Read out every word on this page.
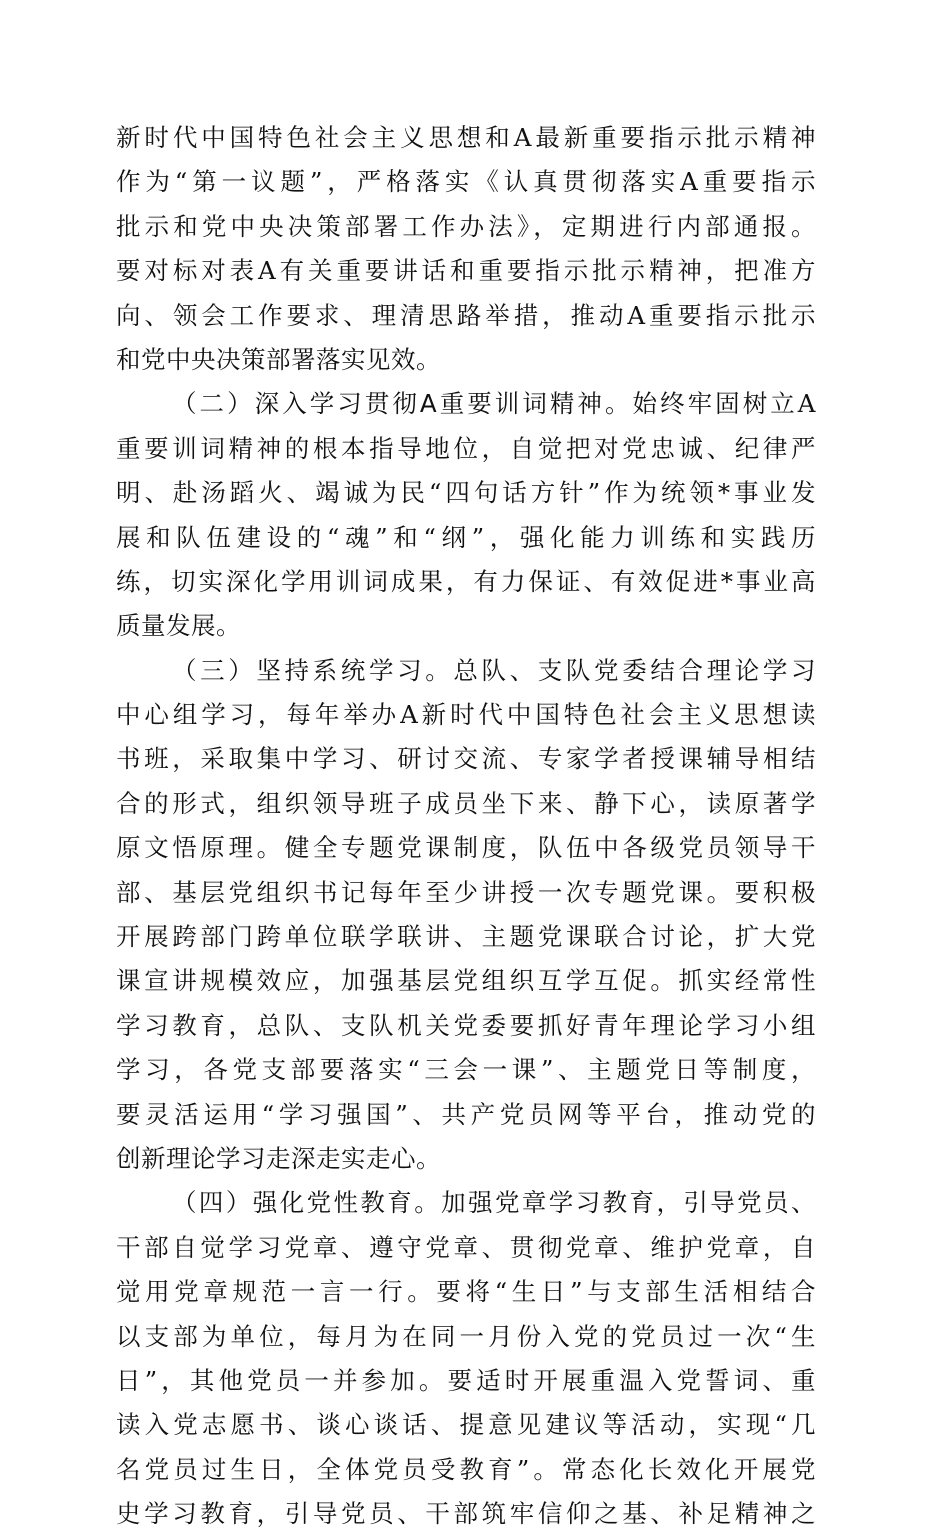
新时代中国特色社会主义思想和A最新重要指示批示精神
作为“第一议题”，严格落实《认真贯彻落实A重要指示
批示和党中央决策部署工作办法》，定期进行内部通报。
要对标对表A有关重要讲话和重要指示批示精神，把准方
向、领会工作要求、理清思路举措，推动A重要指示批示
和党中央决策部署落实见效。
（二）深入学习贯彻A重要训词精神。始终牢固树立A
重要训词精神的根本指导地位，自觉把对党忠诚、纪律严
明、赴汤蹈火、竭诚为民“四句话方针”作为统领*事业发
展和队伍建设的“魂”和“纲”，强化能力训练和实践历
练，切实深化学用训词成果，有力保证、有效促进*事业高
质量发展。
（三）坚持系统学习。总队、支队党委结合理论学习
中心组学习，每年举办A新时代中国特色社会主义思想读
书班，采取集中学习、研讨交流、专家学者授课辅导相结
合的形式，组织领导班子成员坐下来、静下心，读原著学
原文悟原理。健全专题党课制度，队伍中各级党员领导干
部、基层党组织书记每年至少讲授一次专题党课。要积极
开展跨部门跨单位联学联讲、主题党课联合讨论，扩大党
课宣讲规模效应，加强基层党组织互学互促。抓实经常性
学习教育，总队、支队机关党委要抓好青年理论学习小组
学习，各党支部要落实“三会一课”、主题党日等制度，
要灵活运用“学习强国”、共产党员网等平台，推动党的
创新理论学习走深走实走心。
（四）强化党性教育。加强党章学习教育，引导党员、
干部自觉学习党章、遵守党章、贯彻党章、维护党章，自
觉用党章规范一言一行。要将“生日”与支部生活相结合
以支部为单位，每月为在同一月份入党的党员过一次“生
日”，其他党员一并参加。要适时开展重温入党誓词、重
读入党志愿书、谈心谈话、提意见建议等活动，实现“几
名党员过生日，全体党员受教育”。常态化长效化开展党
史学习教育，引导党员、干部筑牢信仰之基、补足精神之
